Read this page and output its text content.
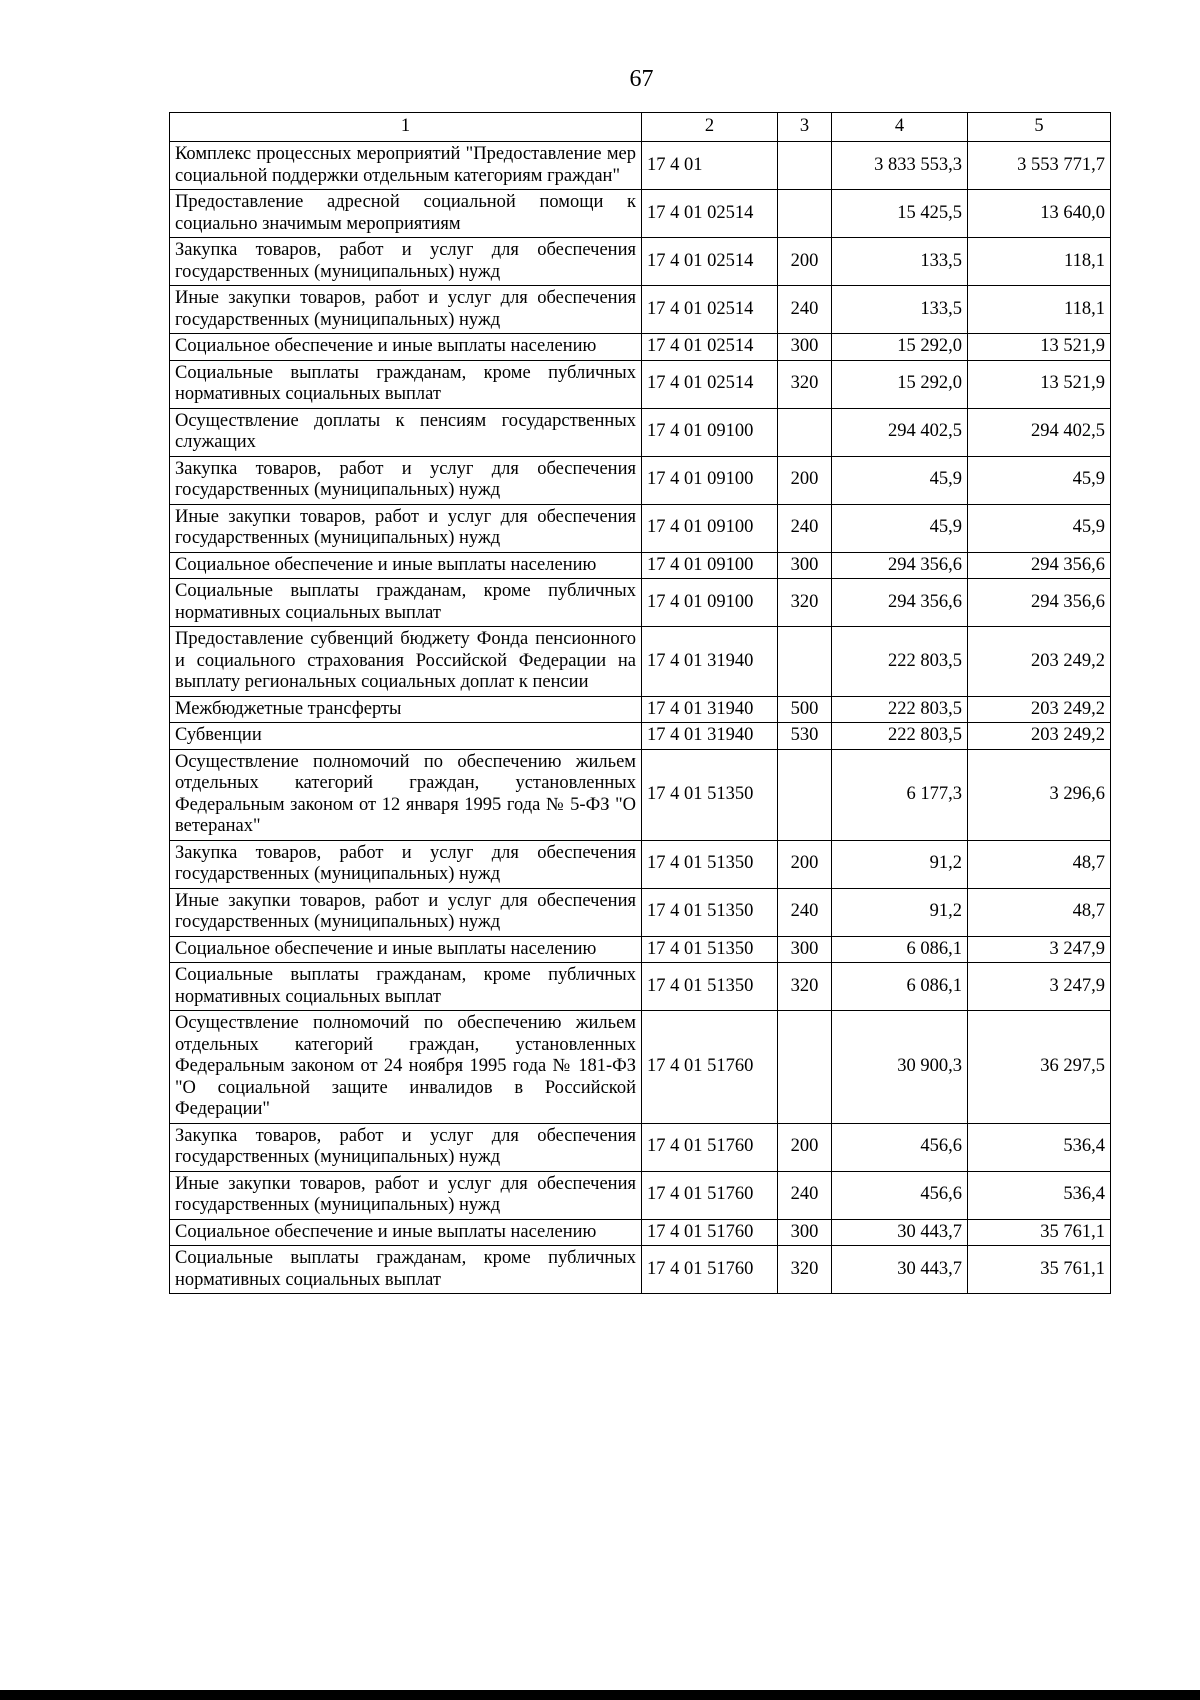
67
1	2	3	4	5
Комплекс процессных мероприятий "Предоставление мер социальной поддержки отдельным категориям граждан"	17 4 01		3 833 553,3	3 553 771,7
Предоставление адресной социальной помощи к социально значимым мероприятиям	17 4 01 02514		15 425,5	13 640,0
Закупка товаров, работ и услуг для обеспечения государственных (муниципальных) нужд	17 4 01 02514	200	133,5	118,1
Иные закупки товаров, работ и услуг для обеспечения государственных (муниципальных) нужд	17 4 01 02514	240	133,5	118,1
Социальное обеспечение и иные выплаты населению	17 4 01 02514	300	15 292,0	13 521,9
Социальные выплаты гражданам, кроме публичных нормативных социальных выплат	17 4 01 02514	320	15 292,0	13 521,9
Осуществление доплаты к пенсиям государственных служащих	17 4 01 09100		294 402,5	294 402,5
Закупка товаров, работ и услуг для обеспечения государственных (муниципальных) нужд	17 4 01 09100	200	45,9	45,9
Иные закупки товаров, работ и услуг для обеспечения государственных (муниципальных) нужд	17 4 01 09100	240	45,9	45,9
Социальное обеспечение и иные выплаты населению	17 4 01 09100	300	294 356,6	294 356,6
Социальные выплаты гражданам, кроме публичных нормативных социальных выплат	17 4 01 09100	320	294 356,6	294 356,6
Предоставление субвенций бюджету Фонда пенсионного и социального страхования Российской Федерации на выплату региональных социальных доплат к пенсии	17 4 01 31940		222 803,5	203 249,2
Межбюджетные трансферты	17 4 01 31940	500	222 803,5	203 249,2
Субвенции	17 4 01 31940	530	222 803,5	203 249,2
Осуществление полномочий по обеспечению жильем отдельных категорий граждан, установленных Федеральным законом от 12 января 1995 года № 5-ФЗ "О ветеранах"	17 4 01 51350		6 177,3	3 296,6
Закупка товаров, работ и услуг для обеспечения государственных (муниципальных) нужд	17 4 01 51350	200	91,2	48,7
Иные закупки товаров, работ и услуг для обеспечения государственных (муниципальных) нужд	17 4 01 51350	240	91,2	48,7
Социальное обеспечение и иные выплаты населению	17 4 01 51350	300	6 086,1	3 247,9
Социальные выплаты гражданам, кроме публичных нормативных социальных выплат	17 4 01 51350	320	6 086,1	3 247,9
Осуществление полномочий по обеспечению жильем отдельных категорий граждан, установленных Федеральным законом от 24 ноября 1995 года № 181-ФЗ "О социальной защите инвалидов в Российской Федерации"	17 4 01 51760		30 900,3	36 297,5
Закупка товаров, работ и услуг для обеспечения государственных (муниципальных) нужд	17 4 01 51760	200	456,6	536,4
Иные закупки товаров, работ и услуг для обеспечения государственных (муниципальных) нужд	17 4 01 51760	240	456,6	536,4
Социальное обеспечение и иные выплаты населению	17 4 01 51760	300	30 443,7	35 761,1
Социальные выплаты гражданам, кроме публичных нормативных социальных выплат	17 4 01 51760	320	30 443,7	35 761,1
